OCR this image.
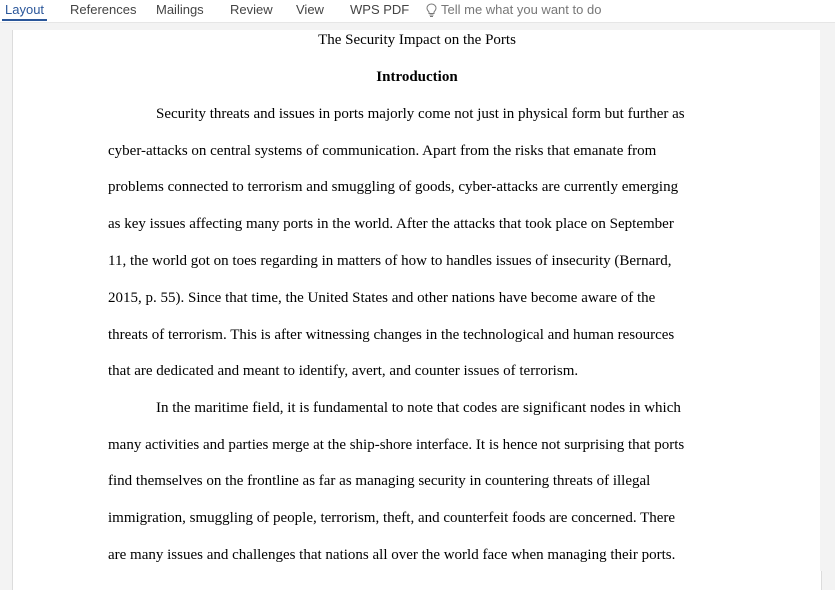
Layout References Mailings Review View WPS PDF	Tell me what you want to do
The Security Impact on the Ports
Introduction
Security threats and issues in ports majorly come not just in physical form but further as
cyber-attacks on central systems of communication. Apart from the risks that emanate from
problems connected to terrorism and smuggling of goods, cyber-attacks are currently emerging
as key issues affecting many ports in the world. After the attacks that took place on September
11, the world got on toes regarding in matters of how to handles issues of insecurity (Bernard,
2015, p. 55). Since that time, the United States and other nations have become aware of the
threats of terrorism. This is after witnessing changes in the technological and human resources
that are dedicated and meant to identify, avert, and counter issues of terrorism.
In the maritime field, it is fundamental to note that codes are significant nodes in which
many activities and parties merge at the ship-shore interface. It is hence not surprising that ports
find themselves on the frontline as far as managing security in countering threats of illegal
immigration, smuggling of people, terrorism, theft, and counterfeit foods are concerned. There
are many issues and challenges that nations all over the world face when managing their ports.
